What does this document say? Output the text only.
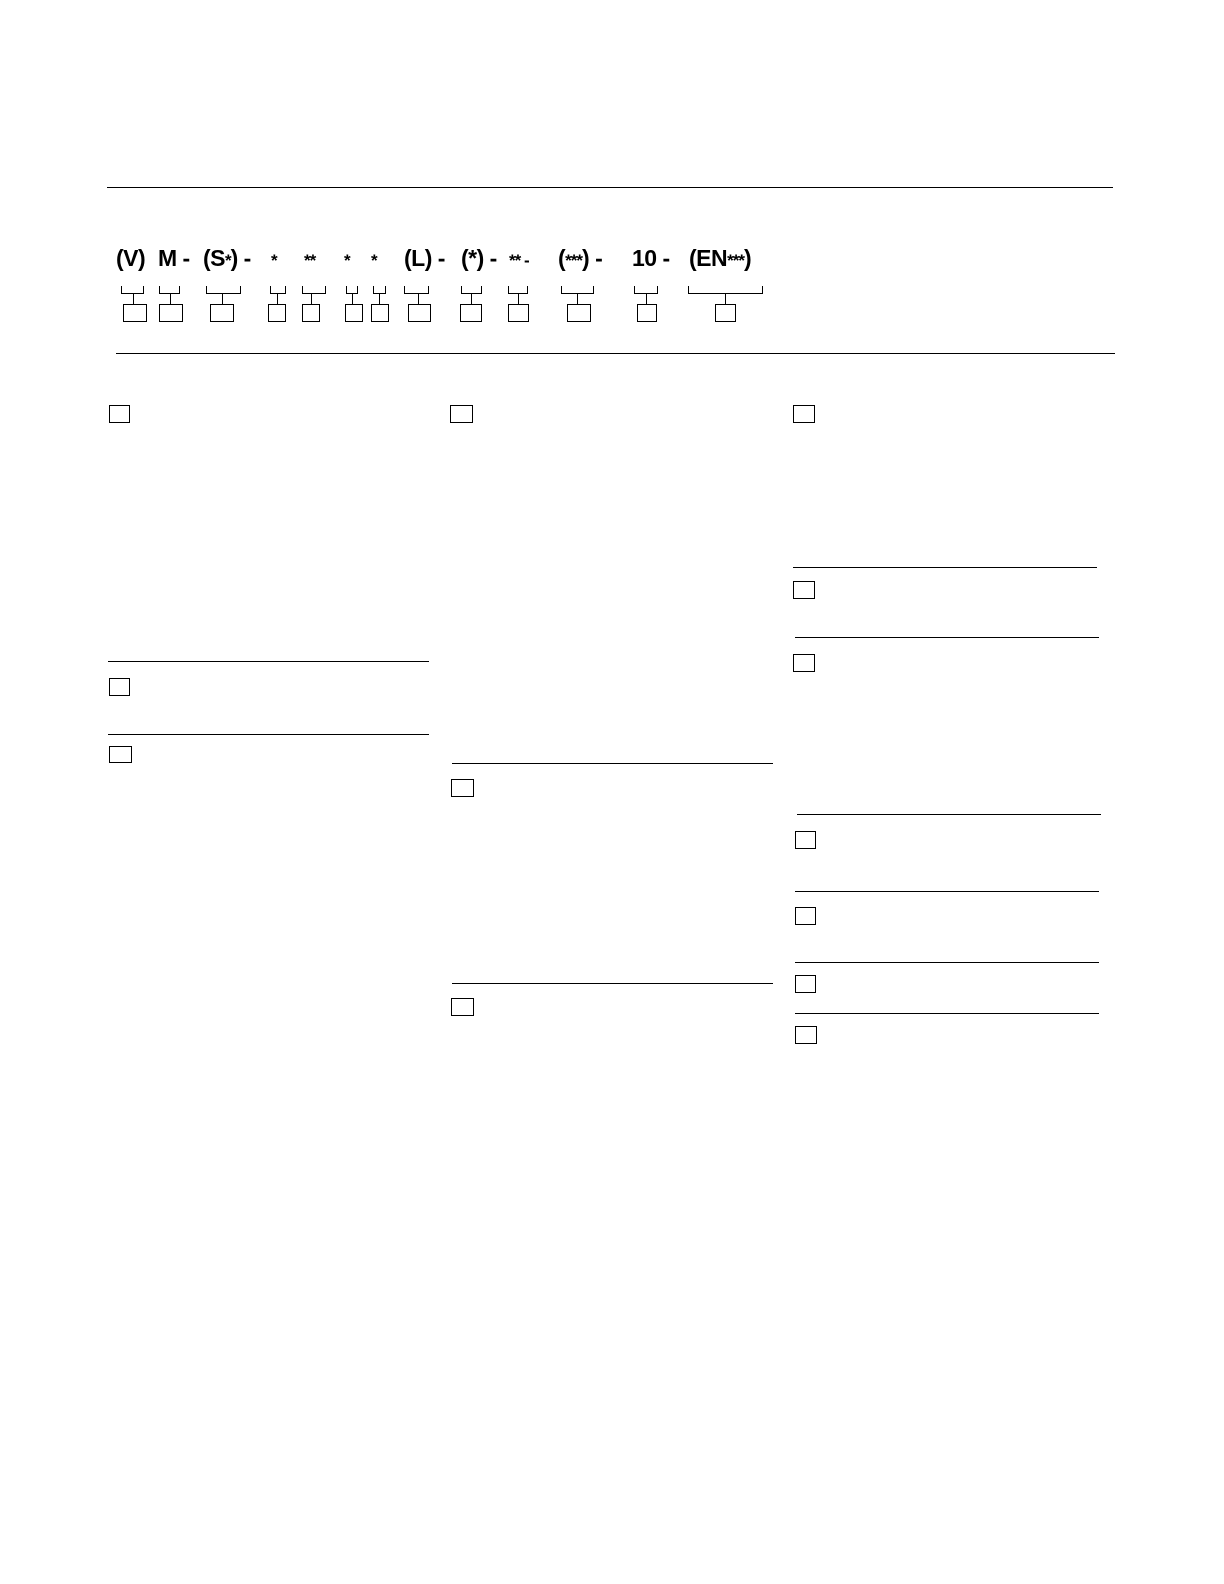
(V) M - (S*) - * ** * * (L) - (*) - ** - (***) - 10 - (EN***)
